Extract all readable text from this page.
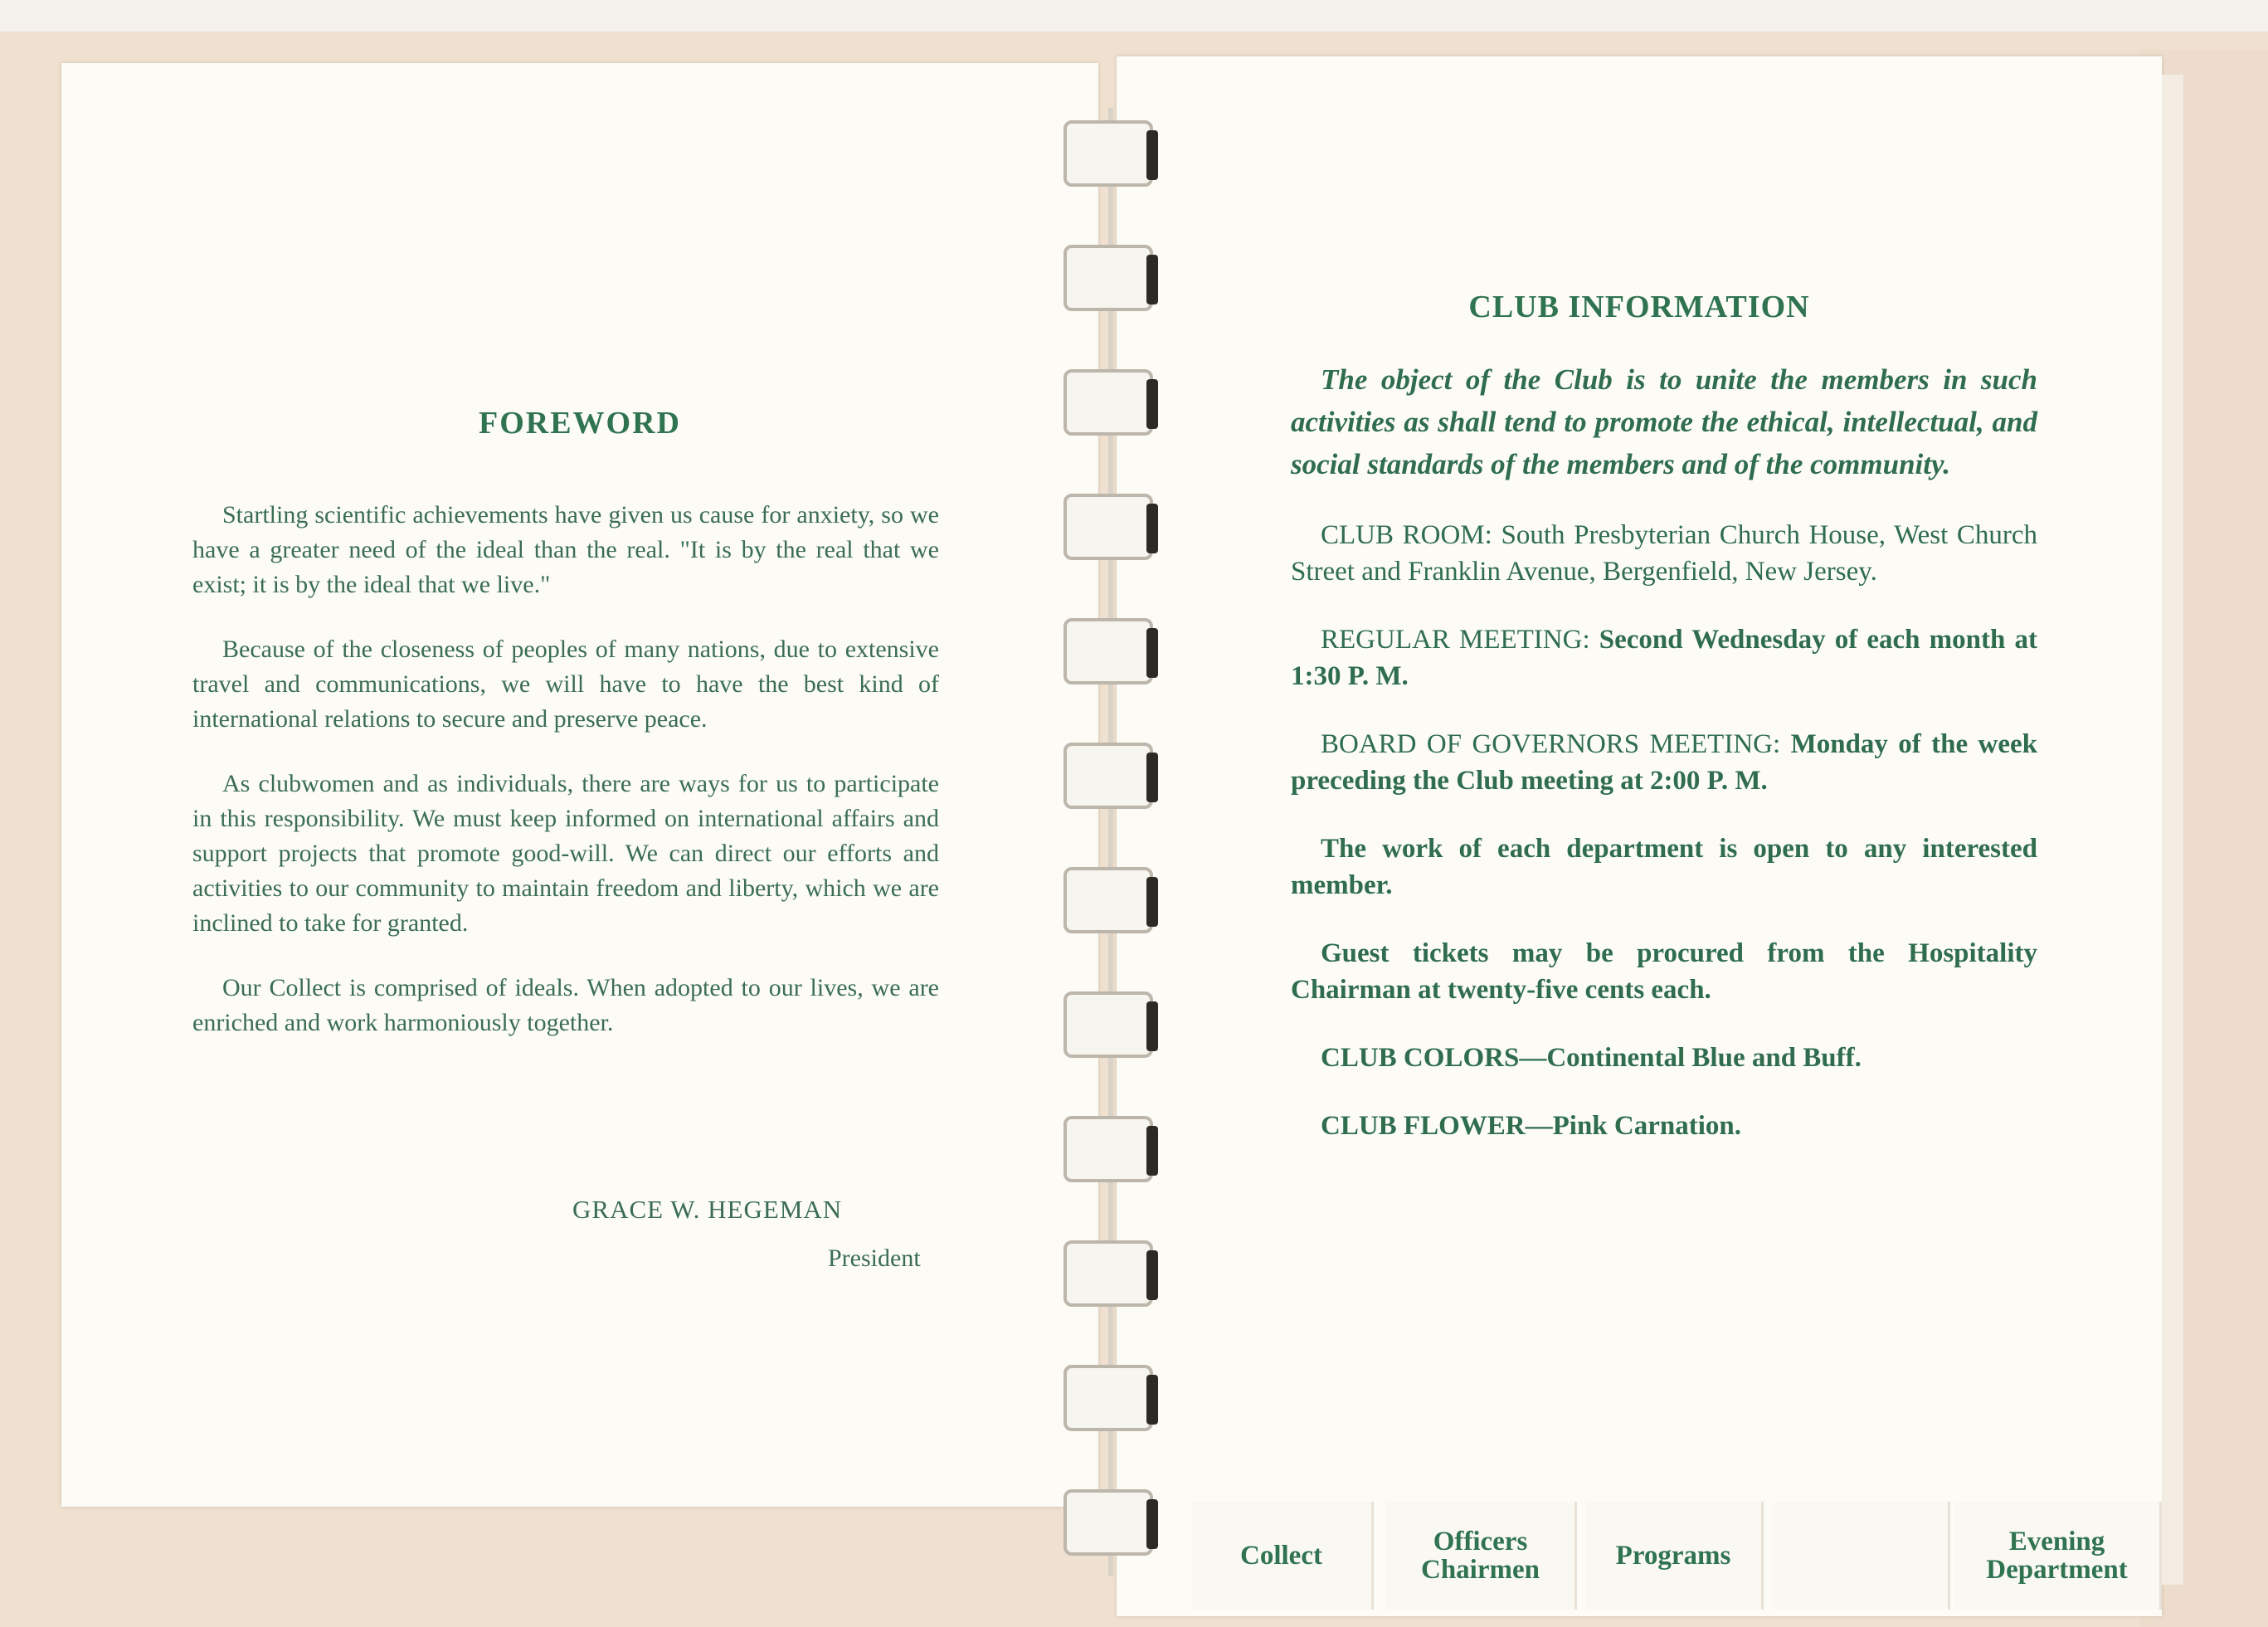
FOREWORD

Startling scientific achievements have given us cause for anxiety, so we have a greater need of the ideal than the real. "It is by the real that we exist; it is by the ideal that we live."

Because of the closeness of peoples of many nations, due to extensive travel and communications, we will have to have the best kind of international relations to secure and preserve peace.

As clubwomen and as individuals, there are ways for us to participate in this responsibility. We must keep informed on international affairs and support projects that promote good-will. We can direct our efforts and activities to our community to maintain freedom and liberty, which we are inclined to take for granted.

Our Collect is comprised of ideals. When adopted to our lives, we are enriched and work harmoniously together.

GRACE W. HEGEMAN
President
CLUB INFORMATION

The object of the Club is to unite the members in such activities as shall tend to promote the ethical, intellectual, and social standards of the members and of the community.

CLUB ROOM: South Presbyterian Church House, West Church Street and Franklin Avenue, Bergenfield, New Jersey.

REGULAR MEETING: Second Wednesday of each month at 1:30 P. M.

BOARD OF GOVERNORS MEETING: Monday of the week preceding the Club meeting at 2:00 P. M.

The work of each department is open to any interested member.

Guest tickets may be procured from the Hospitality Chairman at twenty-five cents each.

CLUB COLORS—Continental Blue and Buff.

CLUB FLOWER—Pink Carnation.

Collect	Officers
Chairmen	Programs	Evening
Department
